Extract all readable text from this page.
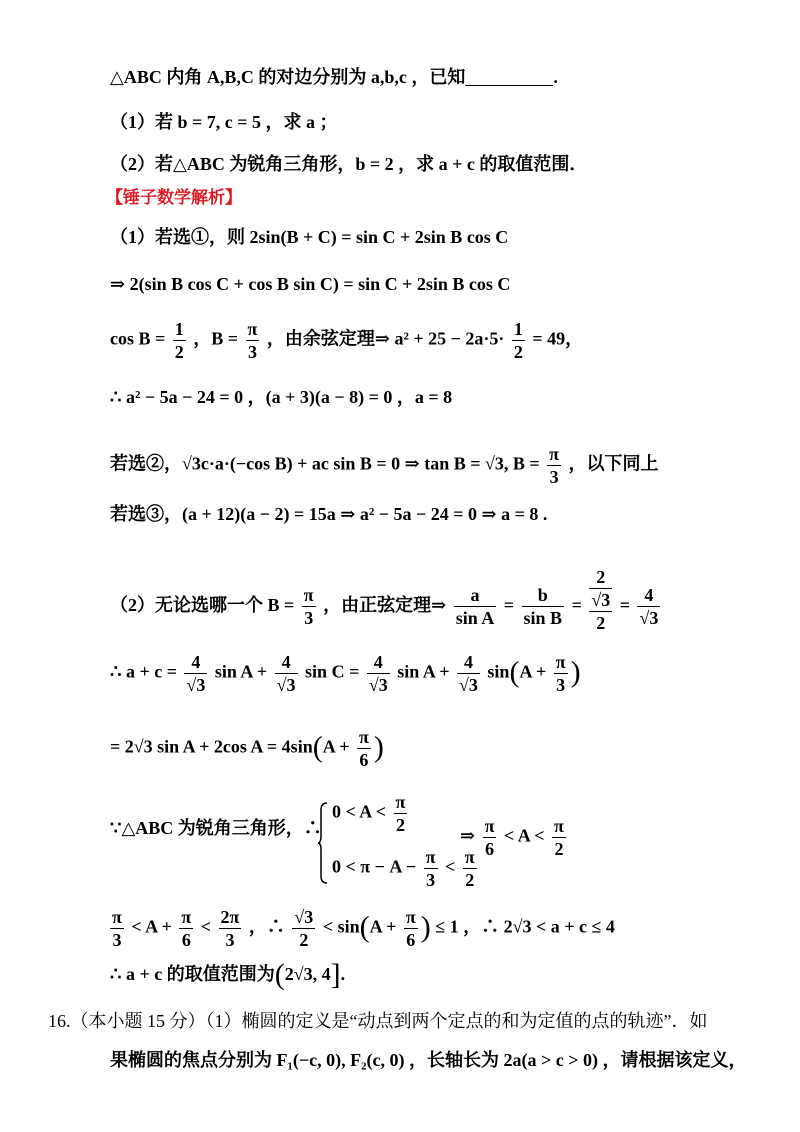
△ABC 内角 A,B,C 的对边分别为 a,b,c ，已知	.
（1）若 b = 7, c = 5 ，求 a ；
（2）若△ABC 为锐角三角形，b = 2 ，求 a + c 的取值范围．
【锤子数学解析】
（1）若选①，则 2sin(B + C) = sin C + 2sin B cos C
⇒ 2(sin B cos C + cos B sin C) = sin C + 2sin B cos C
$\cos B = \frac{1}{2}$ ，$B = \frac{\pi}{3}$ ，由余弦定理⇒ $a^2 + 25 - 2a\cdot 5\cdot \frac{1}{2} = 49$，
∴ a² − 5a − 24 = 0 ，(a + 3)(a − 8) = 0 ，a = 8
若选②，√3c·a·(−cos B) + ac sin B = 0 ⇒ tan B = √3, $B = \frac{\pi}{3}$ ，以下同上
若选③，(a + 12)(a − 2) = 15a ⇒ a² − 5a − 24 = 0 ⇒ a = 8 .
（2）无论选哪一个 $B = \frac{\pi}{3}$ ，由正弦定理⇒ $\frac{a}{\text{sin A}} = \frac{b}{\text{sin B}}$ =
2
√3
2
= $\frac{4}{√3}$
∴ $a + c = \frac{4}{√3}$ $\sin A + \frac{4}{√3}$ $\sin C = \frac{4}{√3}$ $\sin A + \frac{4}{√3} \sin(A + \frac{\pi}{3}$ )
= 2√3 sin A + 2cos $A = 4\sin(A + \frac{\pi}{6}$ )
∵△ABC 为锐角三角形，∴
$0 < A < \frac{\pi}{2}$
$0 < \pi - A - \frac{\pi}{3} < \frac{\pi}{2}$
⇒ $\frac{\pi}{6} < A < \frac{\pi}{2}$
$\frac{\pi}{3} < A + \frac{\pi}{6} < \frac{2\pi}{3}$ ，∴ $\frac{√3}{2} < \sin(A + \frac{\pi}{6}$ ) ≤ 1 ，∴ 2√3 < a + c ≤ 4
∴ a + c 的取值范围为(2√3, 4].
16.（本小题 15 分）（1）椭圆的定义是“动点到两个定点的和为定值的点的轨迹”．如
果椭圆的焦点分别为 F₁(−c, 0), F₂(c, 0) ，长轴长为 2a(a > c > 0) ，请根据该定义，
